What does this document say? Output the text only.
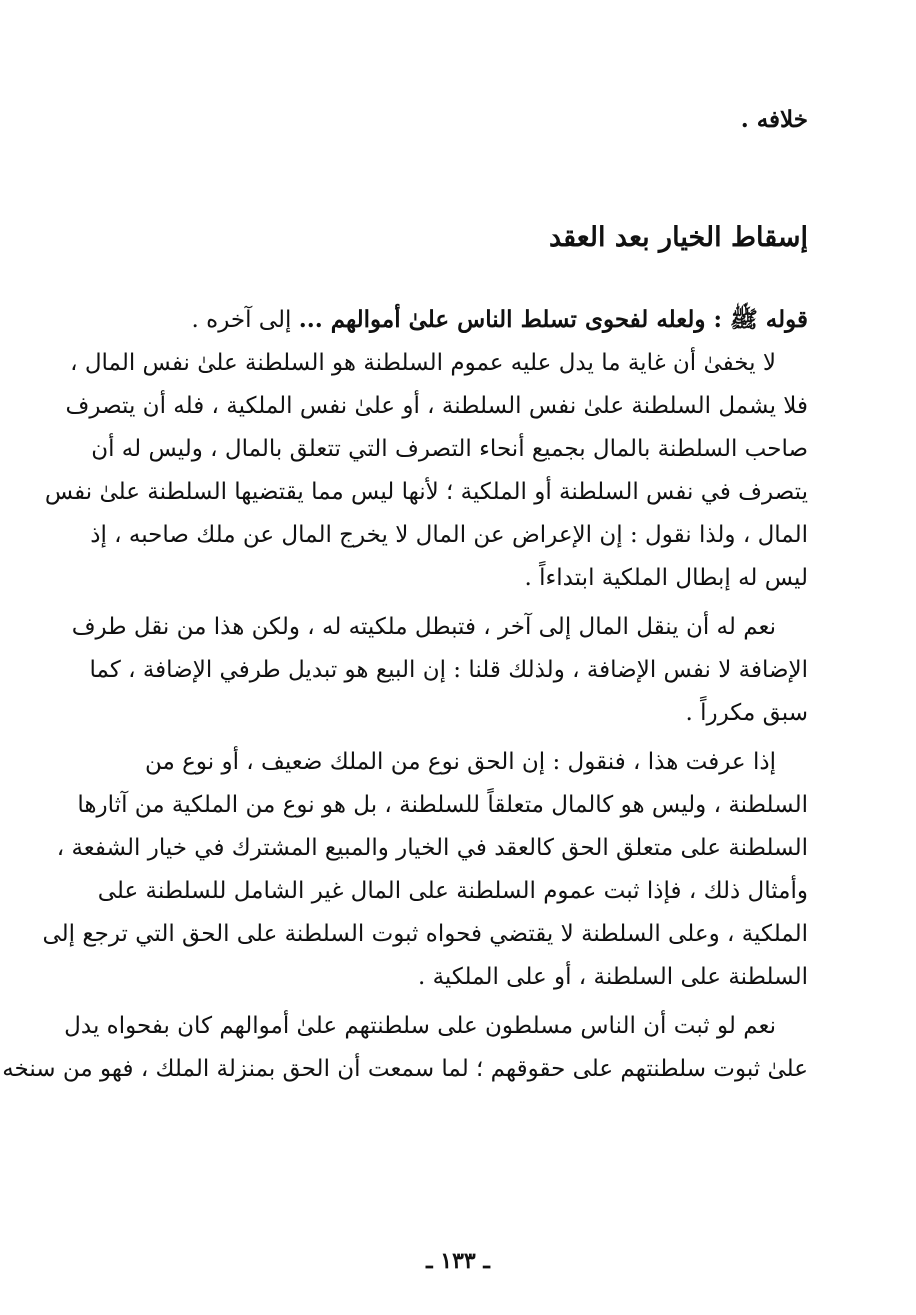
خلافه .
إسقاط الخيار بعد العقد
قوله ﷺ : ولعله لفحوى تسلط الناس علىٰ أموالهم ... إلى آخره .
لا يخفىٰ أن غاية ما يدل عليه عموم السلطنة هو السلطنة علىٰ نفس المال ،
فلا يشمل السلطنة علىٰ نفس السلطنة ، أو علىٰ نفس الملكية ، فله أن يتصرف
صاحب السلطنة بالمال بجميع أنحاء التصرف التي تتعلق بالمال ، وليس له أن
يتصرف في نفس السلطنة أو الملكية ؛ لأنها ليس مما يقتضيها السلطنة علىٰ نفس
المال ، ولذا نقول : إن الإعراض عن المال لا يخرج المال عن ملك صاحبه ، إذ
ليس له إبطال الملكية ابتداءاً .
نعم له أن ينقل المال إلى آخر ، فتبطل ملكيته له ، ولكن هذا من نقل طرف
الإضافة لا نفس الإضافة ، ولذلك قلنا : إن البيع هو تبديل طرفي الإضافة ، كما
سبق مكرراً .
إذا عرفت هذا ، فنقول : إن الحق نوع من الملك ضعيف ، أو نوع من
السلطنة ، وليس هو كالمال متعلقاً للسلطنة ، بل هو نوع من الملكية من آثارها
السلطنة على متعلق الحق كالعقد في الخيار والمبيع المشترك في خيار الشفعة ،
وأمثال ذلك ، فإذا ثبت عموم السلطنة على المال غير الشامل للسلطنة على
الملكية ، وعلى السلطنة لا يقتضي فحواه ثبوت السلطنة على الحق التي ترجع إلى
السلطنة على السلطنة ، أو على الملكية .
نعم لو ثبت أن الناس مسلطون على سلطنتهم علىٰ أموالهم كان بفحواه يدل
علىٰ ثبوت سلطنتهم على حقوقهم ؛ لما سمعت أن الحق بمنزلة الملك ، فهو من سنخه
ـ ١٣٣ ـ
